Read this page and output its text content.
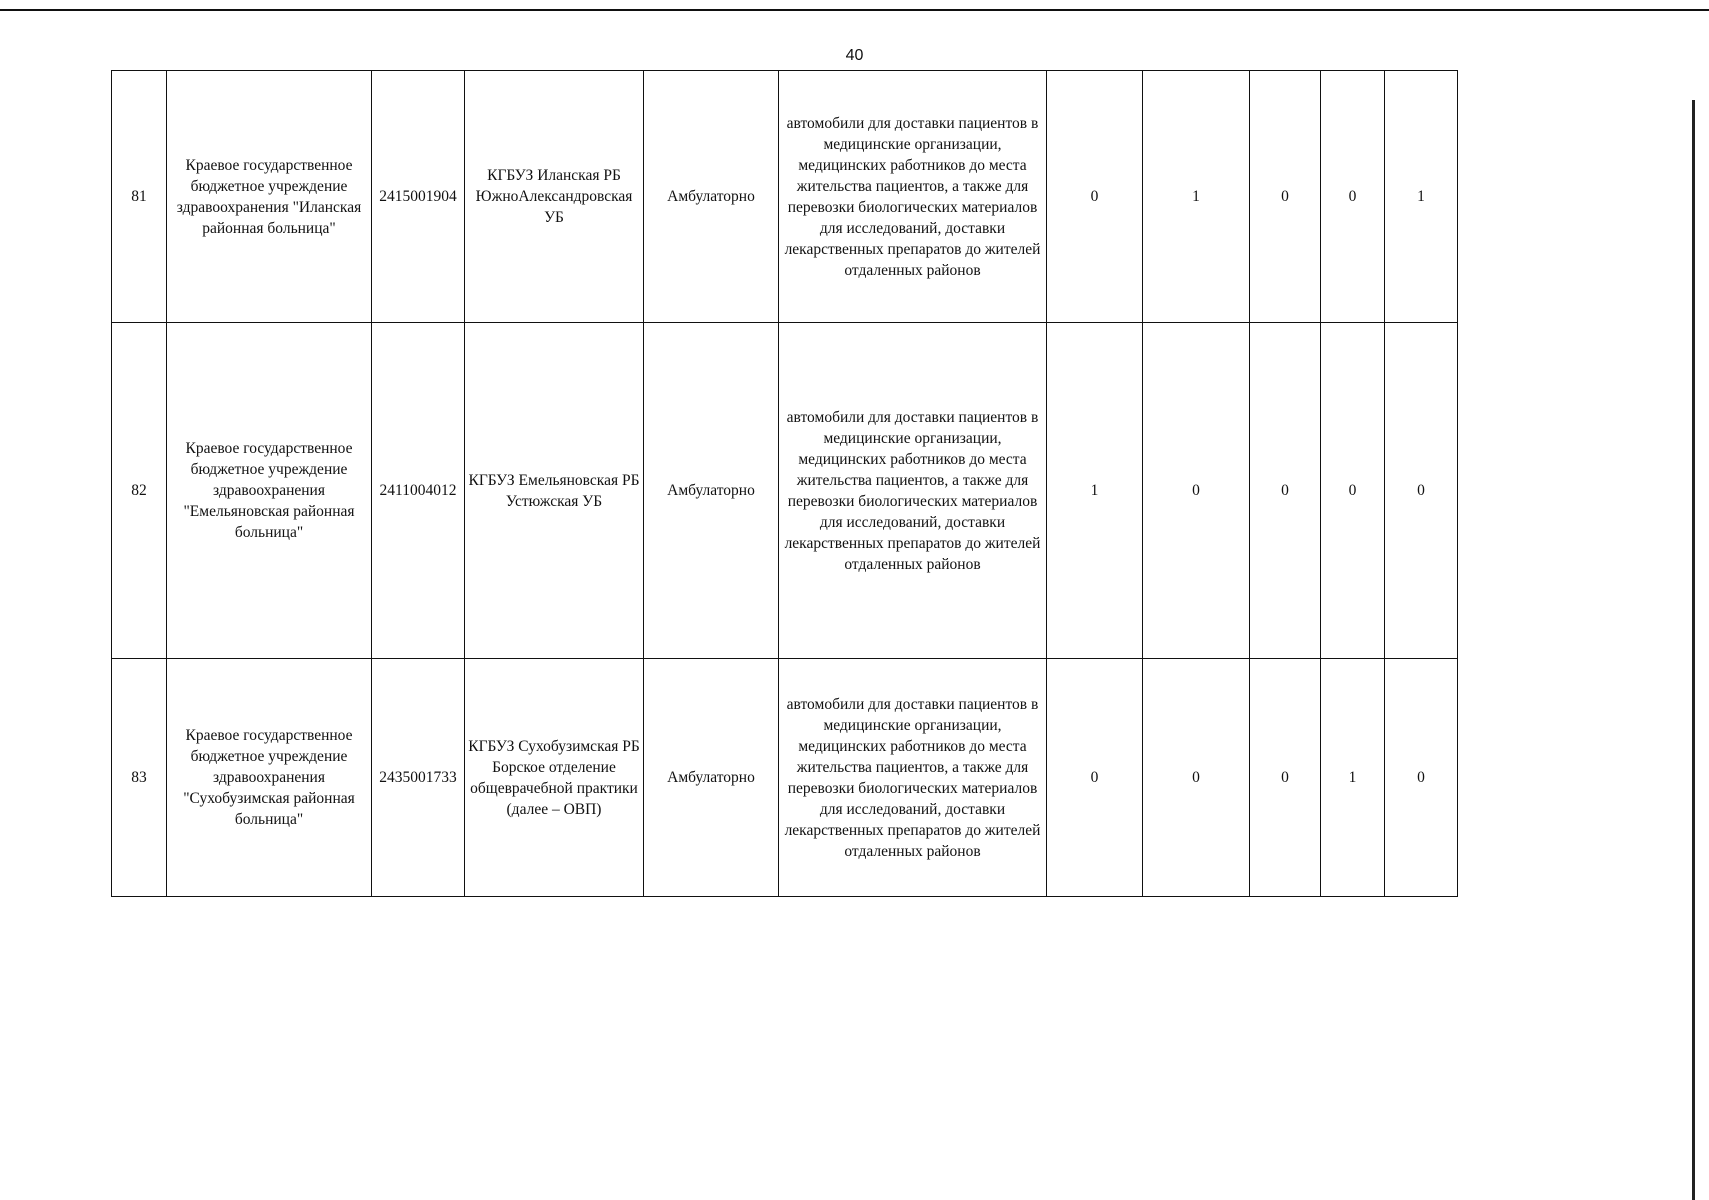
40
81	Краевое государственное бюджетное учреждение здравоохранения "Иланская районная больница"	2415001904	КГБУЗ Иланская РБ ЮжноАлександровская УБ	Амбулаторно	автомобили для доставки пациентов в медицинские организации, медицинских работников до места жительства пациентов, а также для перевозки биологических материалов для исследований, доставки лекарственных препаратов до жителей отдаленных районов	0	1	0	0	1
82	Краевое государственное бюджетное учреждение здравоохранения "Емельяновская районная больница"	2411004012	КГБУЗ Емельяновская РБ Устюжская УБ	Амбулаторно	автомобили для доставки пациентов в медицинские организации, медицинских работников до места жительства пациентов, а также для перевозки биологических материалов для исследований, доставки лекарственных препаратов до жителей отдаленных районов	1	0	0	0	0
83	Краевое государственное бюджетное учреждение здравоохранения "Сухобузимская районная больница"	2435001733	КГБУЗ Сухобузимская РБ Борское отделение общеврачебной практики (далее – ОВП)	Амбулаторно	автомобили для доставки пациентов в медицинские организации, медицинских работников до места жительства пациентов, а также для перевозки биологических материалов для исследований, доставки лекарственных препаратов до жителей отдаленных районов	0	0	0	1	0
